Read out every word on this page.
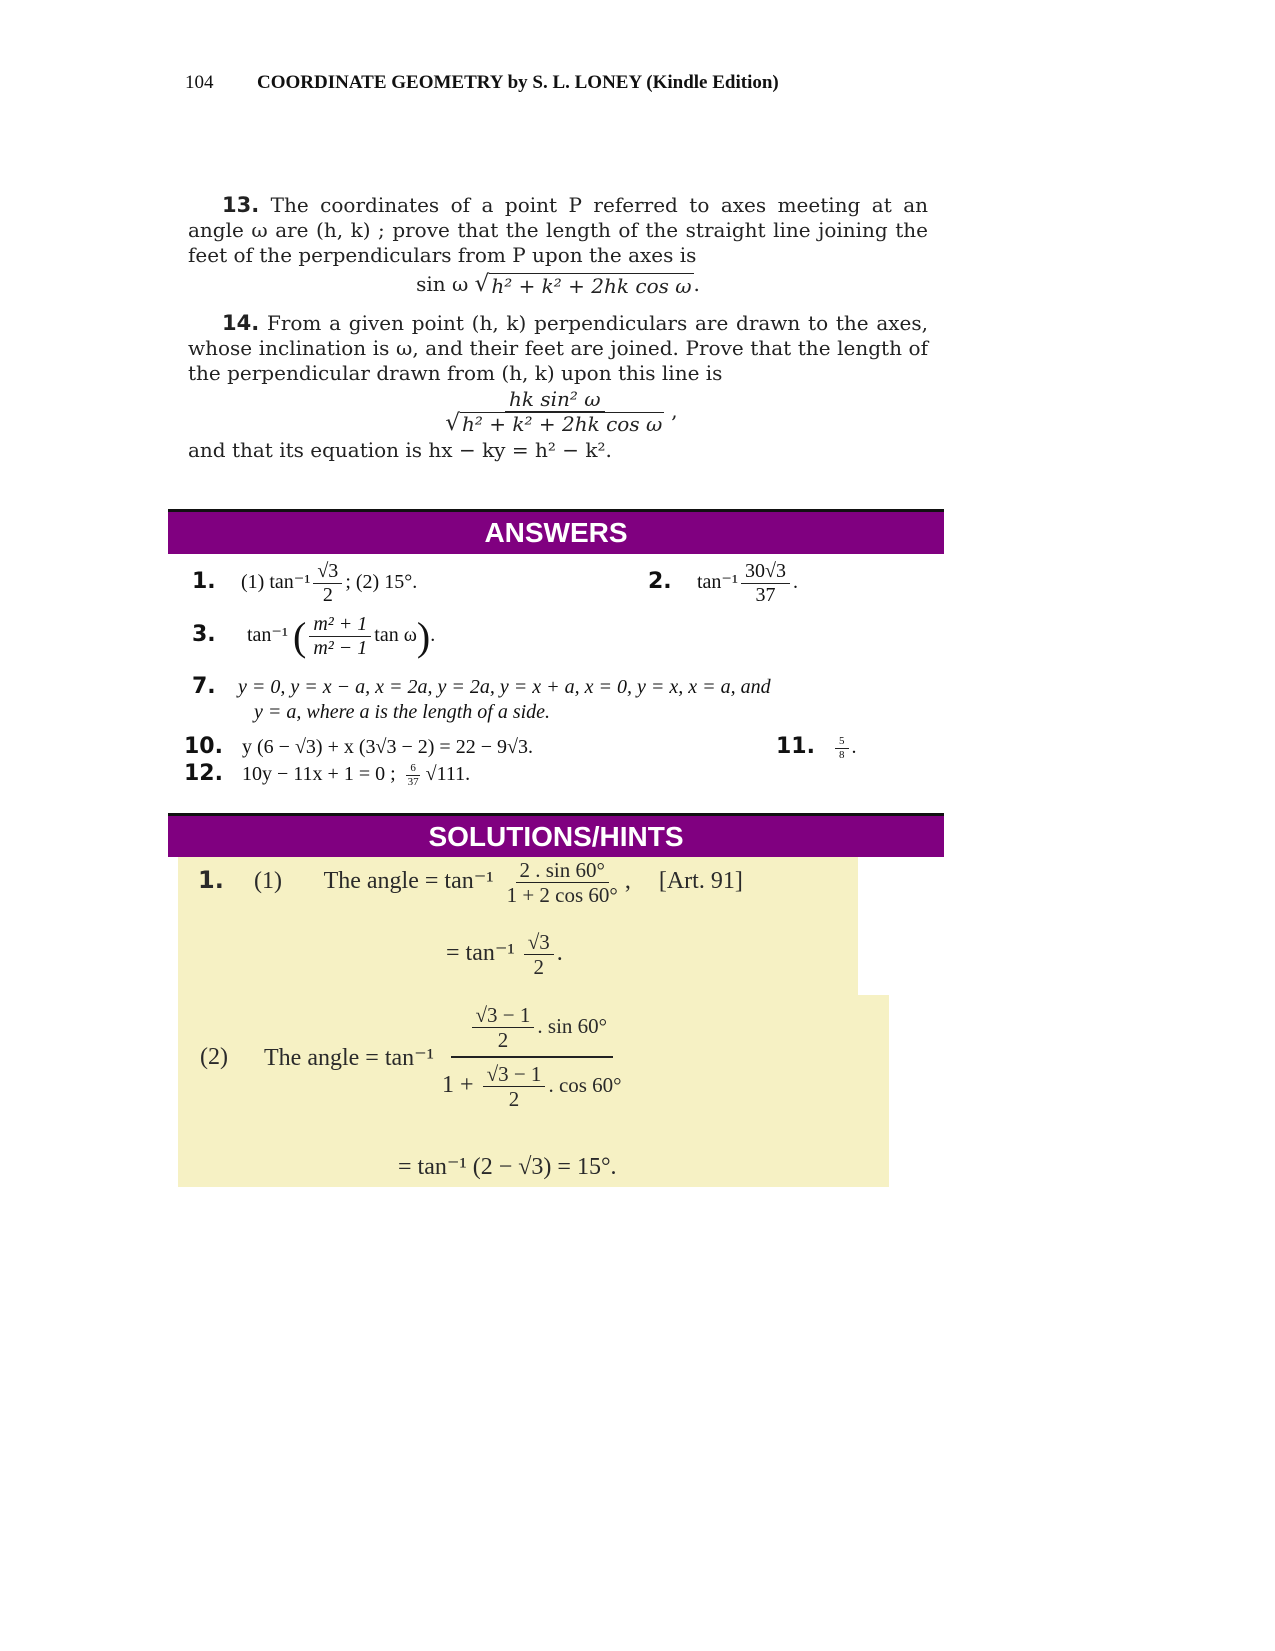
104 COORDINATE GEOMETRY by S. L. LONEY (Kindle Edition)

13. The coordinates of a point P referred to axes meeting at an angle ω are (h, k) ; prove that the length of the straight line joining the feet of the perpendiculars from P upon the axes is

sin ω √ h² + k² + 2hk cos ω .

14. From a given point (h, k) perpendiculars are drawn to the axes, whose inclination is ω, and their feet are joined. Prove that the length of the perpendicular drawn from (h, k) upon this line is

$\frac{\text{hk sin² ω}}{\text{√ h² + k² + 2hk cos ω}}$ ,

and that its equation is hx − ky = h² − k².

ANSWERS
1. (1) $\tan^{-1} \frac{√3}{2}$ ; (2) 15°.	2. $\tan^{-1} \frac{30√3}{37}$ .
3. tan⁻¹ ( $\frac{\text{m² + 1}}{\text{m² − 1}}$ tan ω).
7. y = 0, y = x − a, x = 2a, y = 2a, y = x + a, x = 0, y = x, x = a, and
y = a, where a is the length of a side.
10. y (6 − √3) + x (3√3 − 2) = 22 − 9√3.	11. $\frac{5}{8}$ .
12. 10y − 11x + 1 = 0 ; $\frac{6}{37} √111$.
SOLUTIONS/HINTS
1. (1) The angle = $\tan^{-1} \frac{2 . \sin 60^\circ}{1 + 2 \cos 60^\circ}$ , [Art. 91]
= $\tan^{-1} \frac{√3}{2}$ .
(2)	The angle = $\tan^{-1} \frac{\frac{√3 - 1}{2} . \sin 60^\circ}{1 + \frac{√3 - 1}{2} . \cos 60^\circ}$
= tan⁻¹ (2 − √3) = 15°.
